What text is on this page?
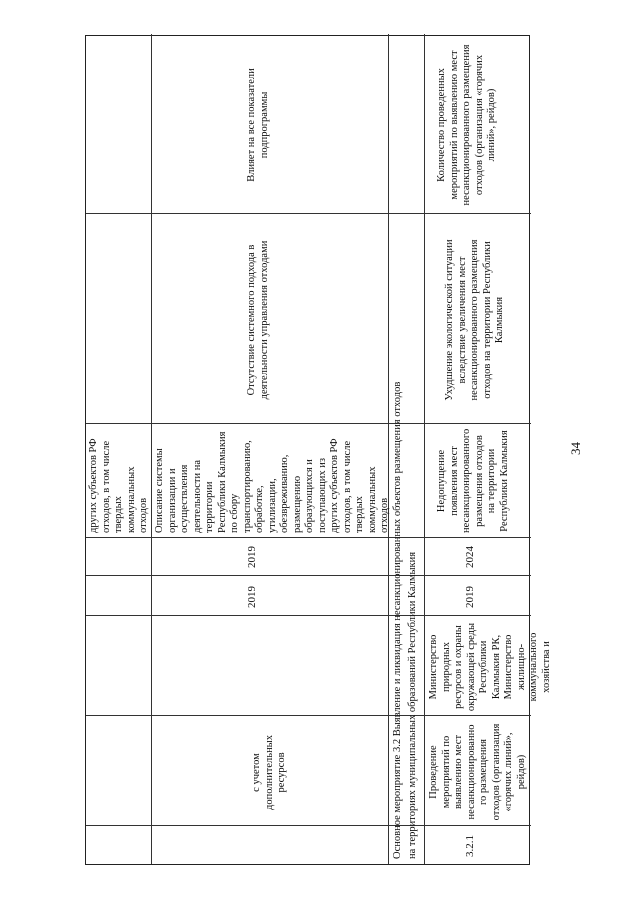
с учетом дополнительных ресурсов
2019
2019
Описание системы организации и осуществления деятельности на территории Республики Калмыкия по сбору транспортированию, обработке, утилизации, обезвреживанию, размещению образующихся и поступающих из других субъектов РФ отходов, в том числе твердых коммунальных отходов
других субъектов РФ отходов, в том числе твердых коммунальных отходов
Отсутствие системного подхода в деятельности управления отходами
Влияет на все показатели подпрограммы
Основное мероприятие 3.2 Выявление и ликвидация несанкционированных объектов размещения отходов на территориях муниципальных образований Республики Калмыкия	3.2.1
Проведение мероприятий по выявлению мест несанкционированно го размещения отходов (организация «горячих линий», рейдов)
Министерство природных ресурсов и охраны окружающей среды Республики Калмыкия РК, Министерство жилищно-коммунального хозяйства и
2019
2024
Недопущение появления мест несанкционированного размещения отходов на территории Республики Калмыкия
Ухудшение экологической ситуации вследствие увеличения мест несанкционированного размещения отходов на территории Республики Калмыкия
Количество проведенных мероприятий по выявлению мест несанкционированного размещения отходов (организация «горячих линий», рейдов)
34
